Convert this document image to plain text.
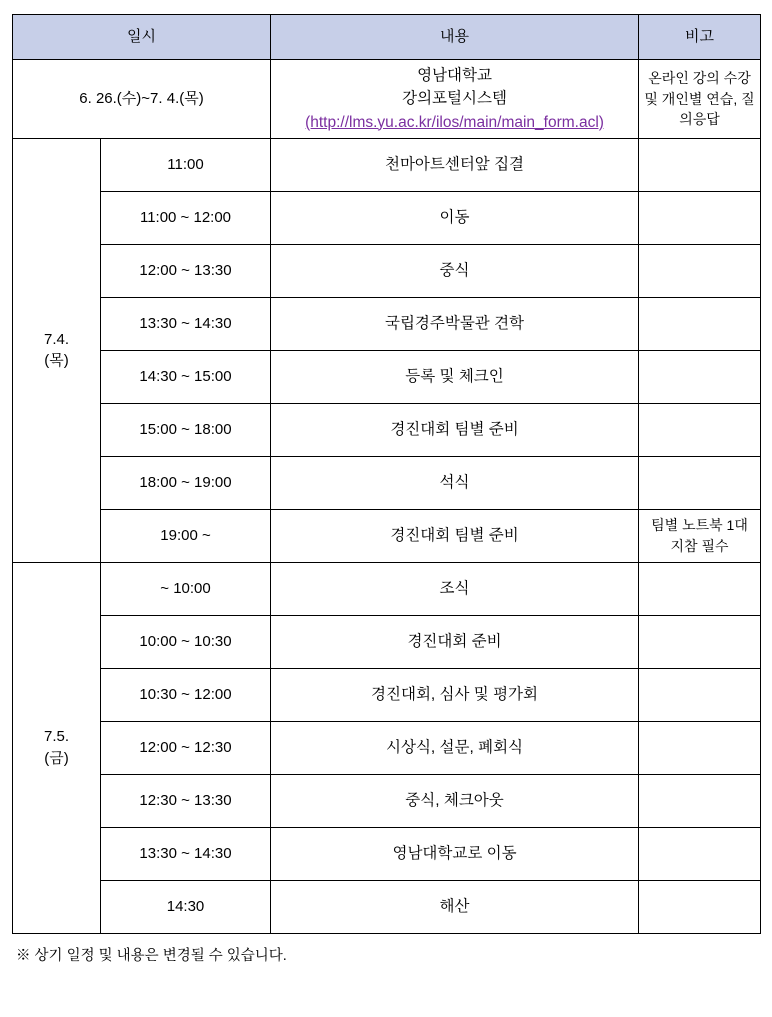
일시		내용	비고
6. 26.(수)~7. 4.(목)		영남대학교
강의포털시스템
(http://lms.yu.ac.kr/ilos/main/main_form.acl)	온라인 강의 수강 및 개인별 연습, 질의응답

7.4.
(목)	11:00	천마아트센터앞 집결	
	11:00 ~ 12:00	이동	
	12:00 ~ 13:30	중식	
	13:30 ~ 14:30	국립경주박물관 견학	
	14:30 ~ 15:00	등록 및 체크인	
	15:00 ~ 18:00	경진대회 팀별 준비	
	18:00 ~ 19:00	석식	
	19:00 ~	경진대회 팀별 준비	팀별 노트북 1대 지참 필수

7.5.
(금)	~ 10:00	조식	
	10:00 ~ 10:30	경진대회 준비	
	10:30 ~ 12:00	경진대회, 심사 및 평가회	
	12:00 ~ 12:30	시상식, 설문, 폐회식	
	12:30 ~ 13:30	중식, 체크아웃	
	13:30 ~ 14:30	영남대학교로 이동	
	14:30	해산	
※ 상기 일정 및 내용은 변경될 수 있습니다.
